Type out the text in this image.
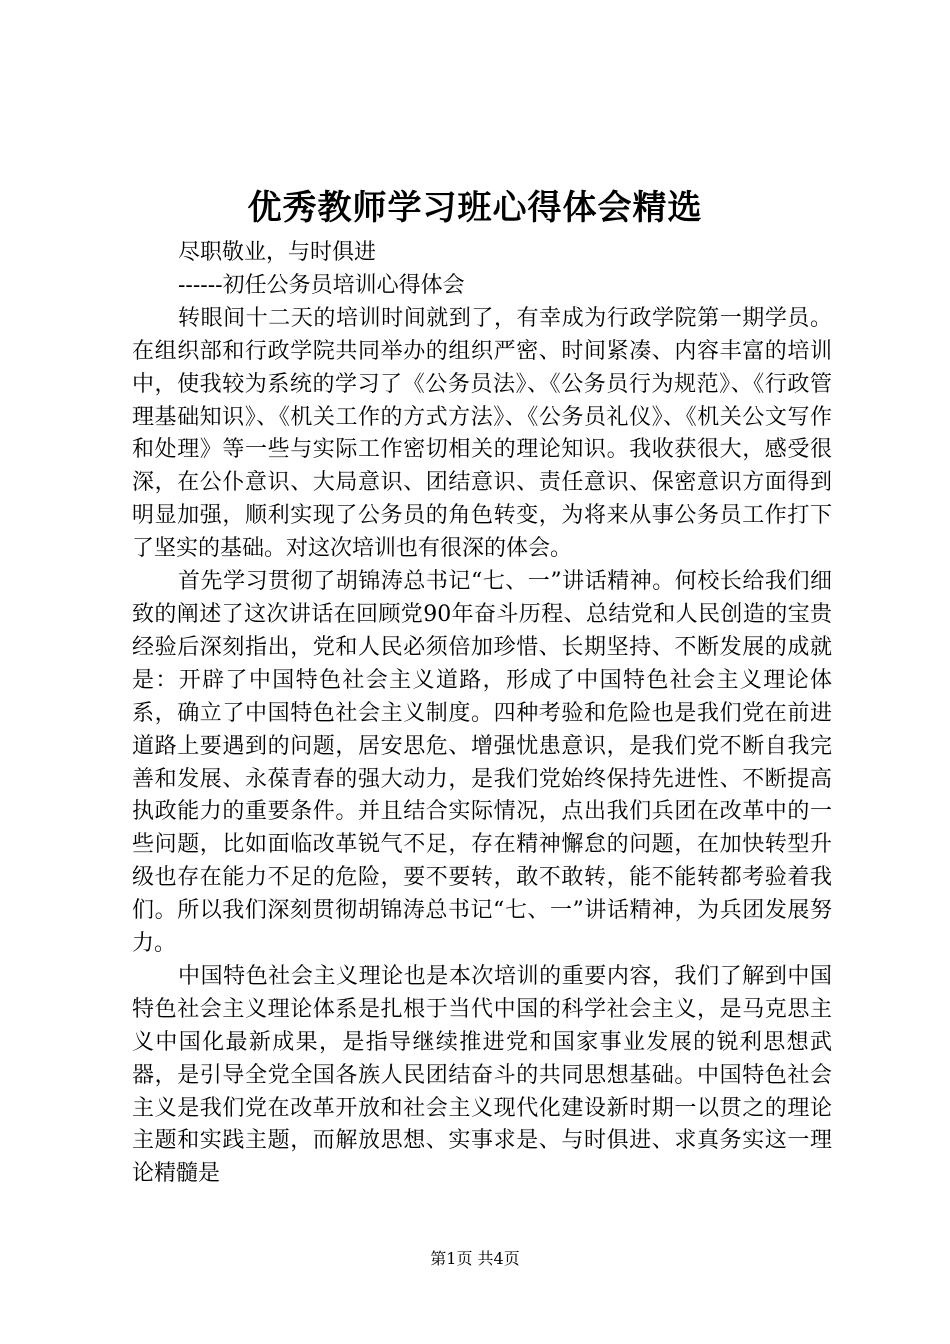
优秀教师学习班心得体会精选

尽职敬业，与时俱进

------初任公务员培训心得体会

转眼间十二天的培训时间就到了，有幸成为行政学院第一期学员。在组织部和行政学院共同举办的组织严密、时间紧凑、内容丰富的培训中，使我较为系统的学习了《公务员法》、《公务员行为规范》、《行政管理基础知识》、《机关工作的方式方法》、《公务员礼仪》、《机关公文写作和处理》等一些与实际工作密切相关的理论知识。我收获很大，感受很深，在公仆意识、大局意识、团结意识、责任意识、保密意识方面得到明显加强，顺利实现了公务员的角色转变，为将来从事公务员工作打下了坚实的基础。对这次培训也有很深的体会。

首先学习贯彻了胡锦涛总书记“七、一”讲话精神。何校长给我们细致的阐述了这次讲话在回顾党90年奋斗历程、总结党和人民创造的宝贵经验后深刻指出，党和人民必须倍加珍惜、长期坚持、不断发展的成就是：开辟了中国特色社会主义道路，形成了中国特色社会主义理论体系，确立了中国特色社会主义制度。四种考验和危险也是我们党在前进道路上要遇到的问题，居安思危、增强忧患意识，是我们党不断自我完善和发展、永葆青春的强大动力，是我们党始终保持先进性、不断提高执政能力的重要条件。并且结合实际情况，点出我们兵团在改革中的一些问题，比如面临改革锐气不足，存在精神懈怠的问题，在加快转型升级也存在能力不足的危险，要不要转，敢不敢转，能不能转都考验着我们。所以我们深刻贯彻胡锦涛总书记“七、一”讲话精神，为兵团发展努力。

中国特色社会主义理论也是本次培训的重要内容，我们了解到中国特色社会主义理论体系是扎根于当代中国的科学社会主义，是马克思主义中国化最新成果，是指导继续推进党和国家事业发展的锐利思想武器，是引导全党全国各族人民团结奋斗的共同思想基础。中国特色社会主义是我们党在改革开放和社会主义现代化建设新时期一以贯之的理论主题和实践主题，而解放思想、实事求是、与时俱进、求真务实这一理论精髓是

第1页 共4页
